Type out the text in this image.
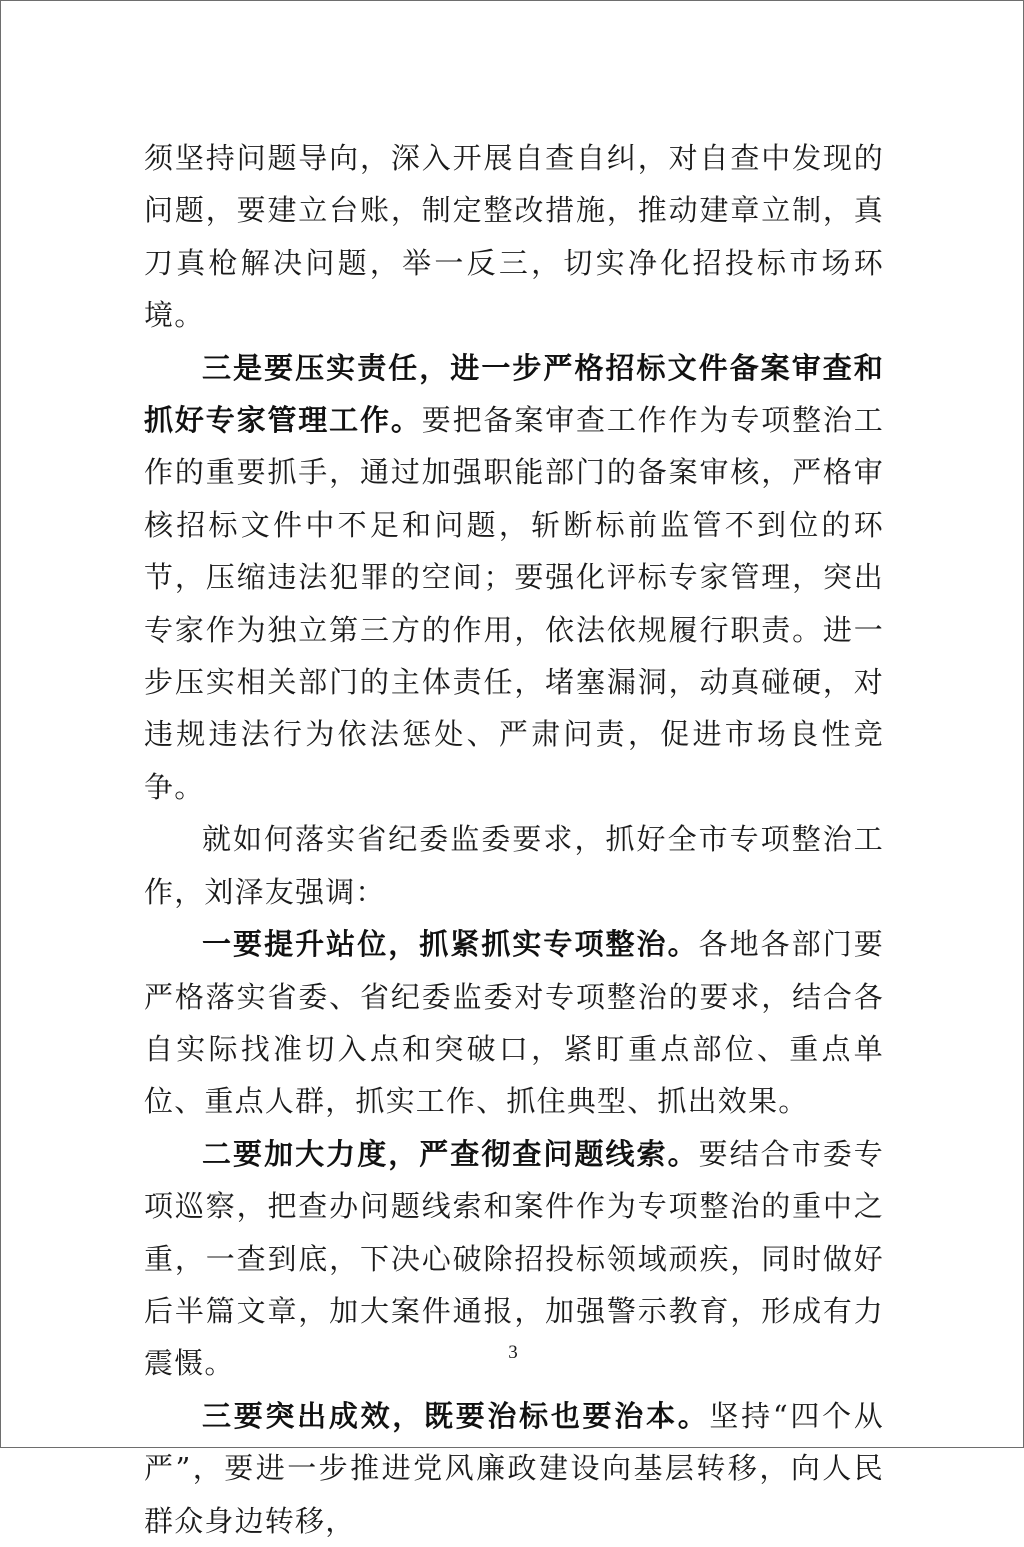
须坚持问题导向，深入开展自查自纠，对自查中发现的问题，要建立台账，制定整改措施，推动建章立制，真刀真枪解决问题，举一反三，切实净化招投标市场环境。

三是要压实责任，进一步严格招标文件备案审查和抓好专家管理工作。要把备案审查工作作为专项整治工作的重要抓手，通过加强职能部门的备案审核，严格审核招标文件中不足和问题，斩断标前监管不到位的环节，压缩违法犯罪的空间；要强化评标专家管理，突出专家作为独立第三方的作用，依法依规履行职责。进一步压实相关部门的主体责任，堵塞漏洞，动真碰硬，对违规违法行为依法惩处、严肃问责，促进市场良性竞争。

就如何落实省纪委监委要求，抓好全市专项整治工作，刘泽友强调：

一要提升站位，抓紧抓实专项整治。各地各部门要严格落实省委、省纪委监委对专项整治的要求，结合各自实际找准切入点和突破口，紧盯重点部位、重点单位、重点人群，抓实工作、抓住典型、抓出效果。

二要加大力度，严查彻查问题线索。要结合市委专项巡察，把查办问题线索和案件作为专项整治的重中之重，一查到底，下决心破除招投标领域顽疾，同时做好后半篇文章，加大案件通报，加强警示教育，形成有力震慑。

三要突出成效，既要治标也要治本。坚持“四个从严”，要进一步推进党风廉政建设向基层转移，向人民群众身边转移，

3
